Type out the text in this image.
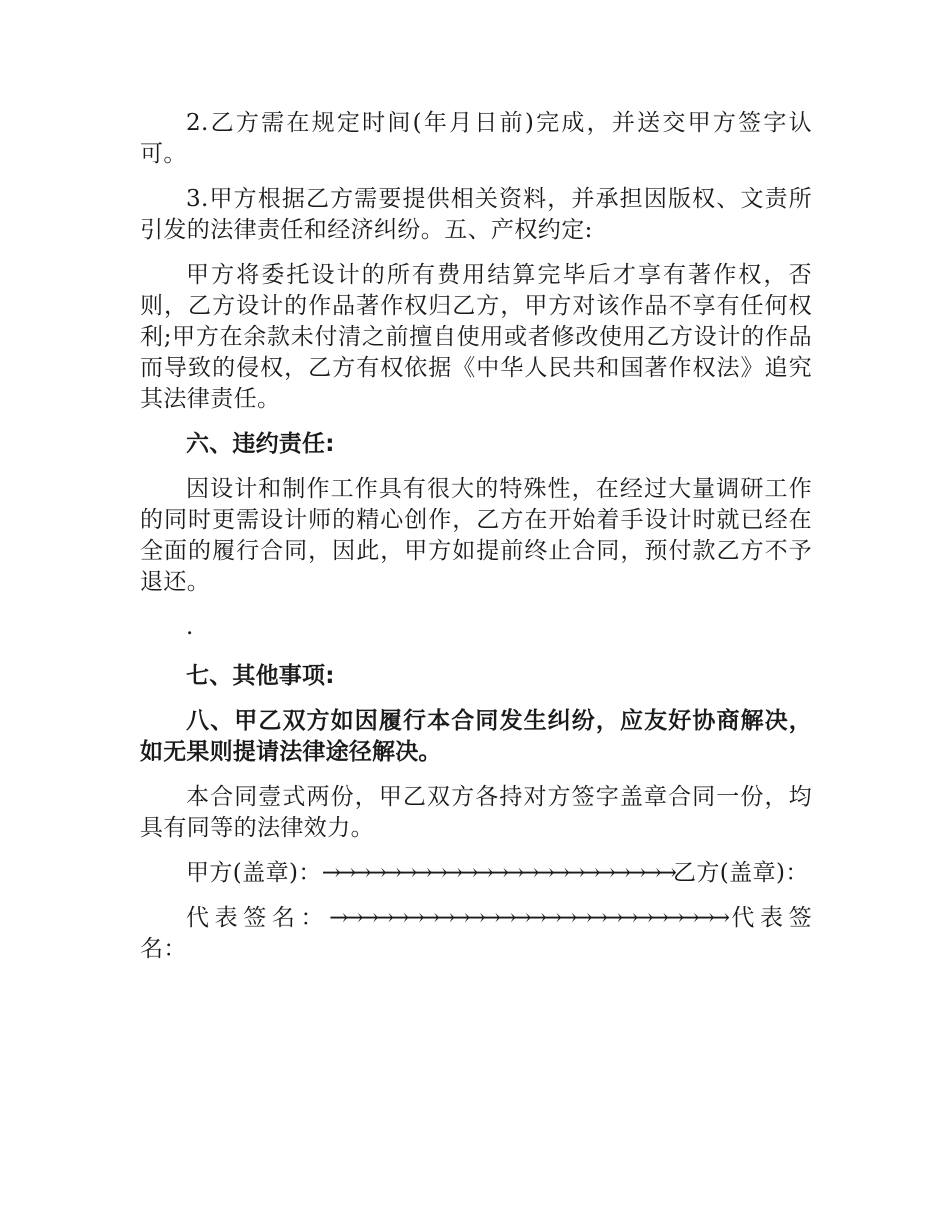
2.乙方需在规定时间(年月日前)完成，并送交甲方签字认可。

3.甲方根据乙方需要提供相关资料，并承担因版权、文责所引发的法律责任和经济纠纷。五、产权约定:

甲方将委托设计的所有费用结算完毕后才享有著作权，否则，乙方设计的作品著作权归乙方，甲方对该作品不享有任何权利;甲方在余款未付清之前擅自使用或者修改使用乙方设计的作品而导致的侵权，乙方有权依据《中华人民共和国著作权法》追究其法律责任。

六、违约责任:

因设计和制作工作具有很大的特殊性，在经过大量调研工作的同时更需设计师的精心创作，乙方在开始着手设计时就已经在全面的履行合同，因此，甲方如提前终止合同，预付款乙方不予退还。

.

七、其他事项:

八、甲乙双方如因履行本合同发生纠纷，应友好协商解决，如无果则提请法律途径解决。

本合同壹式两份，甲乙双方各持对方签字盖章合同一份，均具有同等的法律效力。

甲方(盖章)：→→→→→→→→→→→→→→→→→→→→→→→乙方(盖章)：

代表签名：→→→→→→→→→→→→→→→→→→→→→→→→→→代表签名：
